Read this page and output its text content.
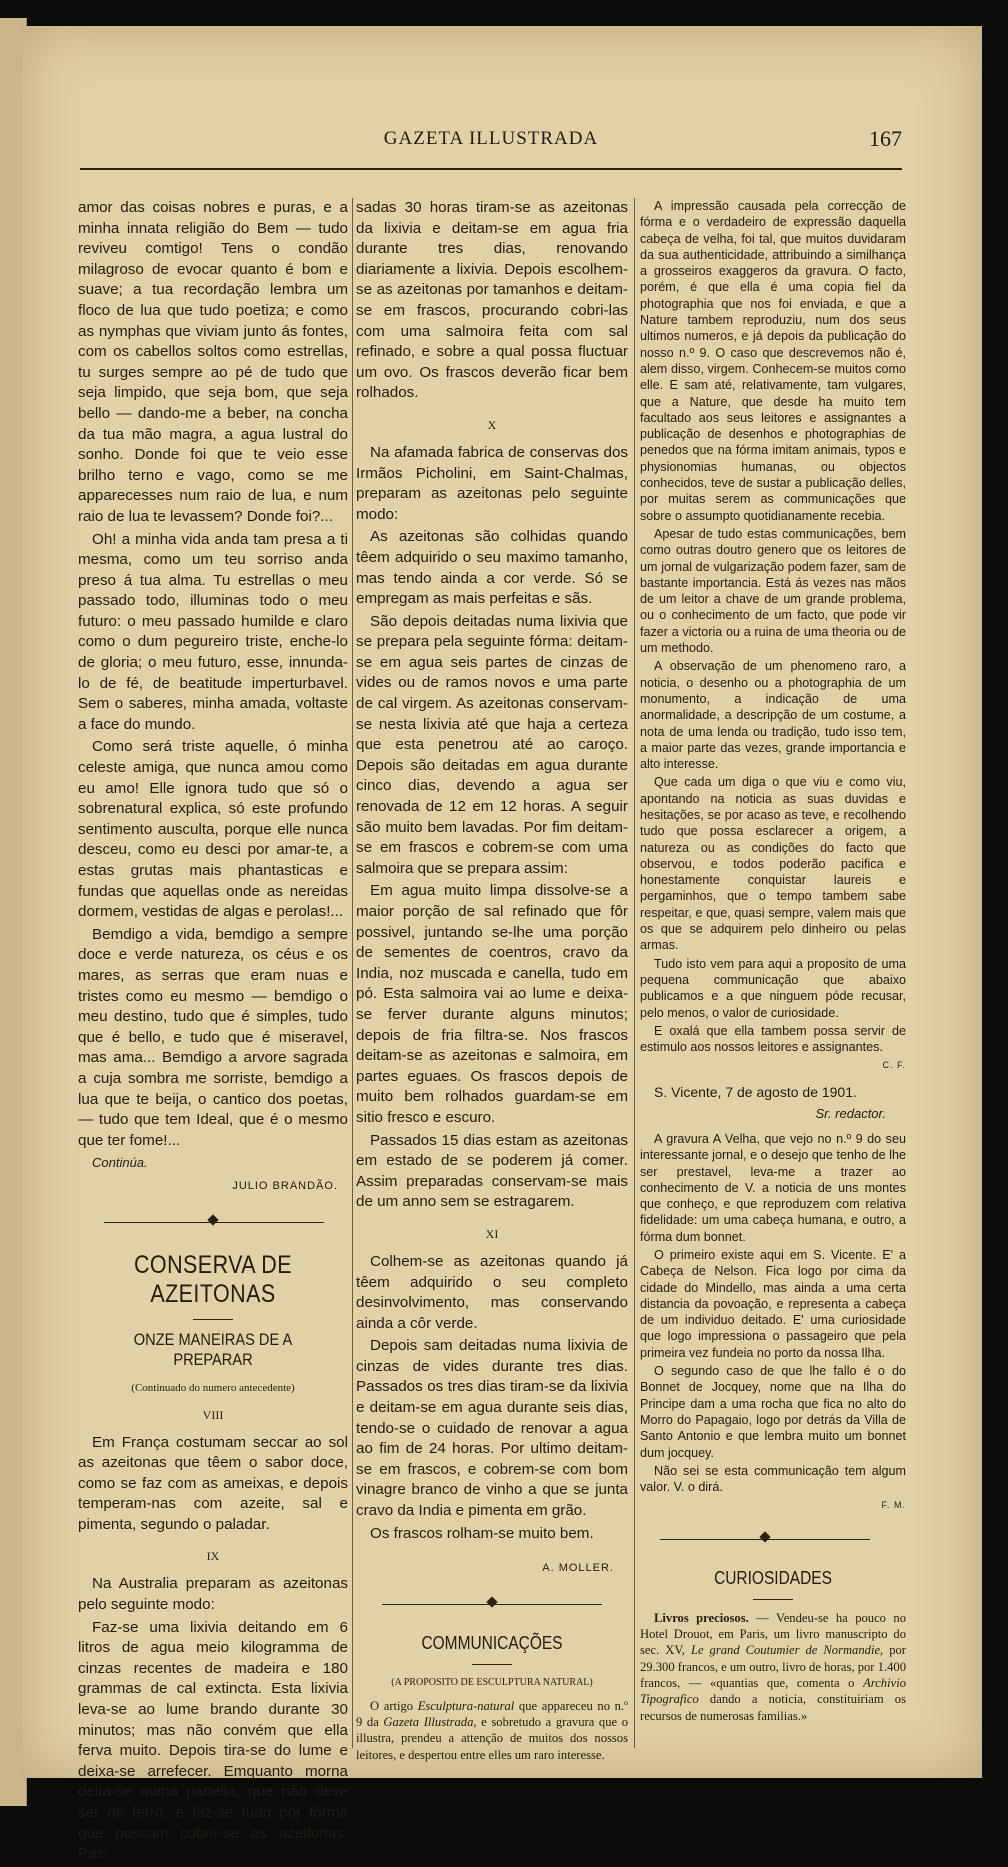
GAZETA ILLUSTRADA	167

amor das coisas nobres e puras, e a minha innata religião do Bem — tudo reviveu comtigo! Tens o condão milagroso de evocar quanto é bom e suave; a tua recordação lembra um floco de lua que tudo poetiza; e como as nymphas que viviam junto ás fontes, com os cabellos soltos como estrellas, tu surges sempre ao pé de tudo que seja limpido, que seja bom, que seja bello — dando-me a beber, na concha da tua mão magra, a agua lustral do sonho. Donde foi que te veio esse brilho terno e vago, como se me apparecesses num raio de lua, e num raio de lua te levassem? Donde foi?...

Oh! a minha vida anda tam presa a ti mesma, como um teu sorriso anda preso á tua alma. Tu estrellas o meu passado todo, illuminas todo o meu futuro: o meu passado humilde e claro como o dum pegureiro triste, enche-lo de gloria; o meu futuro, esse, innunda-lo de fé, de beatitude imperturbavel. Sem o saberes, minha amada, voltaste a face do mundo.

Como será triste aquelle, ó minha celeste amiga, que nunca amou como eu amo! Elle ignora tudo que só o sobrenatural explica, só este profundo sentimento ausculta, porque elle nunca desceu, como eu desci por amar-te, a estas grutas mais phantasticas e fundas que aquellas onde as nereidas dormem, vestidas de algas e perolas!...

Bemdigo a vida, bemdigo a sempre doce e verde natureza, os céus e os mares, as serras que eram nuas e tristes como eu mesmo — bemdigo o meu destino, tudo que é simples, tudo que é bello, e tudo que é miseravel, mas ama... Bemdigo a arvore sagrada a cuja sombra me sorriste, bemdigo a lua que te beija, o cantico dos poetas, — tudo que tem Ideal, que é o mesmo que ter fome!...

Continúa.

JULIO BRANDÃO.

CONSERVA DE AZEITONAS
ONZE MANEIRAS DE A PREPARAR
(Continuado do numero antecedente)
VIII

Em França costumam seccar ao sol as azeitonas que têem o sabor doce, como se faz com as ameixas, e depois temperam-nas com azeite, sal e pimenta, segundo o paladar.

IX

Na Australia preparam as azeitonas pelo seguinte modo:

Faz-se uma lixivia deitando em 6 litros de agua meio kilogramma de cinzas recentes de madeira e 180 grammas de cal extincta. Esta lixivia leva-se ao lume brando durante 30 minutos; mas não convém que ella ferva muito. Depois tira-se do lume e deixa-se arrefecer. Emquanto morna deita-se numa panella, que não deve ser de ferro, e faz-se tudo por fórma que possam cobrir-se as azeitonas. Pas-

sadas 30 horas tiram-se as azeitonas da lixivia e deitam-se em agua fria durante tres dias, renovando diariamente a lixivia. Depois escolhem-se as azeitonas por tamanhos e deitam-se em frascos, procurando cobri-las com uma salmoira feita com sal refinado, e sobre a qual possa fluctuar um ovo. Os frascos deverão ficar bem rolhados.

X

Na afamada fabrica de conservas dos Irmãos Picholini, em Saint-Chalmas, preparam as azeitonas pelo seguinte modo:

As azeitonas são colhidas quando têem adquirido o seu maximo tamanho, mas tendo ainda a cor verde. Só se empregam as mais perfeitas e sãs.

São depois deitadas numa lixivia que se prepara pela seguinte fórma: deitam-se em agua seis partes de cinzas de vides ou de ramos novos e uma parte de cal virgem. As azeitonas conservam-se nesta lixivia até que haja a certeza que esta penetrou até ao caroço. Depois são deitadas em agua durante cinco dias, devendo a agua ser renovada de 12 em 12 horas. A seguir são muito bem lavadas. Por fim deitam-se em frascos e cobrem-se com uma salmoira que se prepara assim:

Em agua muito limpa dissolve-se a maior porção de sal refinado que fôr possivel, juntando se-lhe uma porção de sementes de coentros, cravo da India, noz muscada e canella, tudo em pó. Esta salmoira vai ao lume e deixa-se ferver durante alguns minutos; depois de fria filtra-se. Nos frascos deitam-se as azeitonas e salmoira, em partes eguaes. Os frascos depois de muito bem rolhados guardam-se em sitio fresco e escuro.

Passados 15 dias estam as azeitonas em estado de se poderem já comer. Assim preparadas conservam-se mais de um anno sem se estragarem.

XI

Colhem-se as azeitonas quando já têem adquirido o seu completo desinvolvimento, mas conservando ainda a côr verde.

Depois sam deitadas numa lixivia de cinzas de vides durante tres dias. Passados os tres dias tiram-se da lixivia e deitam-se em agua durante seis dias, tendo-se o cuidado de renovar a agua ao fim de 24 horas. Por ultimo deitam-se em frascos, e cobrem-se com bom vinagre branco de vinho a que se junta cravo da India e pimenta em grão.

Os frascos rolham-se muito bem.

A. MOLLER.

COMMUNICAÇÕES
(A PROPOSITO DE ESCULPTURA NATURAL)

O artigo Esculptura-natural que appareceu no n.º 9 da Gazeta Illustrada, e sobretudo a gravura que o illustra, prendeu a attenção de muitos dos nossos leitores, e despertou entre elles um raro interesse.

A impressão causada pela correcção de fórma e o verdadeiro de expressão daquella cabeça de velha, foi tal, que muitos duvidaram da sua authenticidade, attribuindo a similhança a grosseiros exaggeros da gravura. O facto, porém, é que ella é uma copia fiel da photographia que nos foi enviada, e que a Nature tambem reproduziu, num dos seus ultimos numeros, e já depois da publicação do nosso n.º 9. O caso que descrevemos não é, alem disso, virgem. Conhecem-se muitos como elle. E sam até, relativamente, tam vulgares, que a Nature, que desde ha muito tem facultado aos seus leitores e assignantes a publicação de desenhos e photographias de penedos que na fórma imitam animais, typos e physionomias humanas, ou objectos conhecidos, teve de sustar a publicação delles, por muitas serem as communicações que sobre o assumpto quotidianamente recebia.

Apesar de tudo estas communicações, bem como outras doutro genero que os leitores de um jornal de vulgarização podem fazer, sam de bastante importancia. Está ás vezes nas mãos de um leitor a chave de um grande problema, ou o conhecimento de um facto, que pode vir fazer a victoria ou a ruina de uma theoria ou de um methodo.

A observação de um phenomeno raro, a noticia, o desenho ou a photographia de um monumento, a indicação de uma anormalidade, a descripção de um costume, a nota de uma lenda ou tradição, tudo isso tem, a maior parte das vezes, grande importancia e alto interesse.

Que cada um diga o que viu e como viu, apontando na noticia as suas duvidas e hesitações, se por acaso as teve, e recolhendo tudo que possa esclarecer a origem, a natureza ou as condições do facto que observou, e todos poderão pacifica e honestamente conquistar laureis e pergaminhos, que o tempo tambem sabe respeitar, e que, quasi sempre, valem mais que os que se adquirem pelo dinheiro ou pelas armas.

Tudo isto vem para aqui a proposito de uma pequena communicação que abaixo publicamos e a que ninguem póde recusar, pelo menos, o valor de curiosidade.

E oxalá que ella tambem possa servir de estimulo aos nossos leitores e assignantes.

C. F.

S. Vicente, 7 de agosto de 1901.

Sr. redactor.

A gravura A Velha, que vejo no n.º 9 do seu interessante jornal, e o desejo que tenho de lhe ser prestavel, leva-me a trazer ao conhecimento de V. a noticia de uns montes que conheço, e que reproduzem com relativa fidelidade: um uma cabeça humana, e outro, a fórma dum bonnet.

O primeiro existe aqui em S. Vicente. E' a Cabeça de Nelson. Fica logo por cima da cidade do Mindello, mas ainda a uma certa distancia da povoação, e representa a cabeça de um individuo deitado. E' uma curiosidade que logo impressiona o passageiro que pela primeira vez fundeia no porto da nossa Ilha.

O segundo caso de que lhe fallo é o do Bonnet de Jocquey, nome que na Ilha do Principe dam a uma rocha que fica no alto do Morro do Papagaio, logo por detrás da Villa de Santo Antonio e que lembra muito um bonnet dum jocquey.

Não sei se esta communicação tem algum valor. V. o dirá.

F. M.

CURIOSIDADES

Livros preciosos. — Vendeu-se ha pouco no Hotel Drouot, em Paris, um livro manuscripto do sec. XV, Le grand Coutumier de Normandie, por 29.300 francos, e um outro, livro de horas, por 1.400 francos, — «quantias que, comenta o Archivio Tipografico dando a noticia, constituiriam os recursos de numerosas familias.»
